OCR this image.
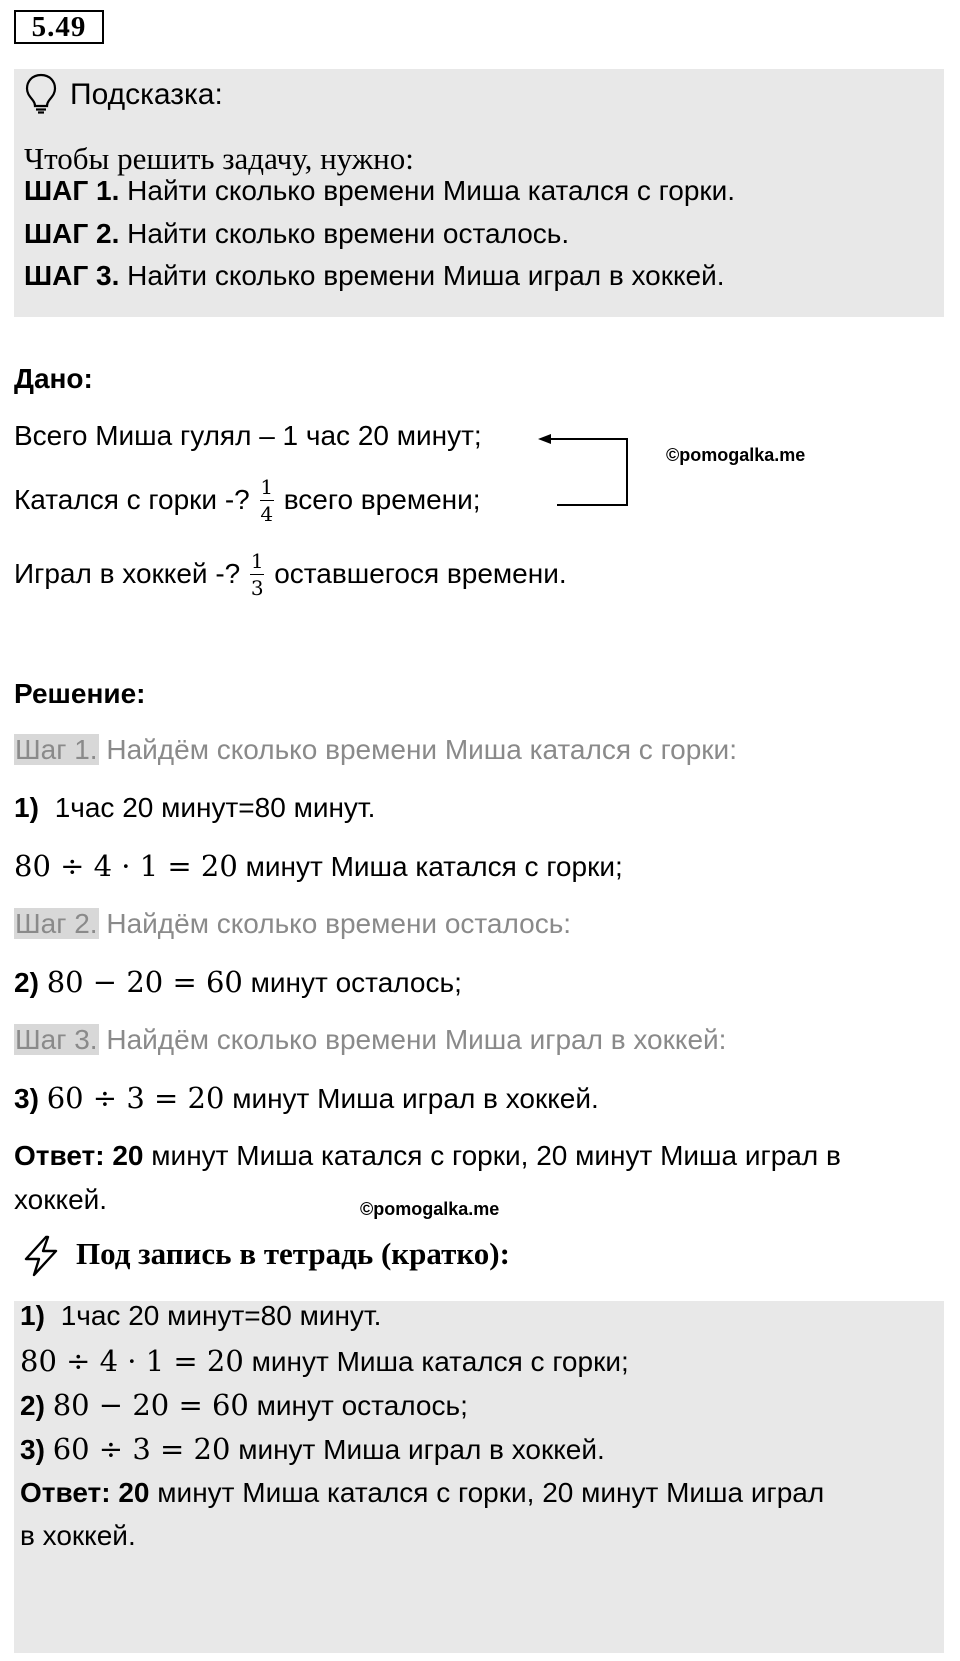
5.49
Подсказка:
Чтобы решить задачу, нужно:
ШАГ 1. Найти сколько времени Миша катался с горки.
ШАГ 2. Найти сколько времени осталось.
ШАГ 3. Найти сколько времени Миша играл в хоккей.
Дано:
Всего Миша гулял – 1 час 20 минут;
Катался с горки -? $\frac{1}{4}$ всего времени;
Играл в хоккей -? $\frac{1}{3}$ оставшегося времени.
©pomogalka.me
Решение:
Шаг 1. Найдём сколько времени Миша катался с горки:
1) 1час 20 минут=80 минут.
80 ÷ 4 · 1 = 20 минут Миша катался с горки;
Шаг 2. Найдём сколько времени осталось:
2) 80 − 20 = 60 минут осталось;
Шаг 3. Найдём сколько времени Миша играл в хоккей:
3) 60 ÷ 3 = 20 минут Миша играл в хоккей.
Ответ: 20 минут Миша катался с горки, 20 минут Миша играл в
хоккей.	©pomogalka.me
Под запись в тетрадь (кратко):
1) 1час 20 минут=80 минут.
80 ÷ 4 · 1 = 20 минут Миша катался с горки;
2) 80 − 20 = 60 минут осталось;
3) 60 ÷ 3 = 20 минут Миша играл в хоккей.
Ответ: 20 минут Миша катался с горки, 20 минут Миша играл
в хоккей.
